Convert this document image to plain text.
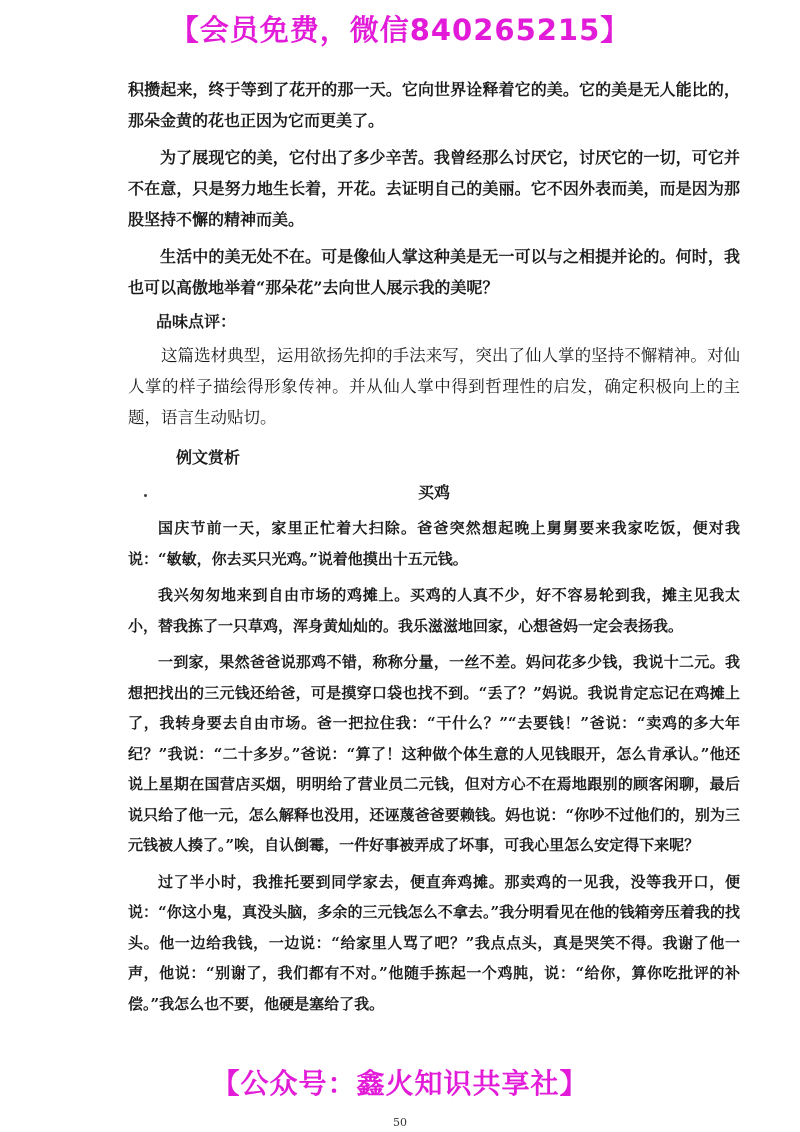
【会员免费，微信840265215】

积攒起来，终于等到了花开的那一天。它向世界诠释着它的美。它的美是无人能比的，那朵金黄的花也正因为它而更美了。

为了展现它的美，它付出了多少辛苦。我曾经那么讨厌它，讨厌它的一切，可它并不在意，只是努力地生长着，开花。去证明自己的美丽。它不因外表而美，而是因为那股坚持不懈的精神而美。

生活中的美无处不在。可是像仙人掌这种美是无一可以与之相提并论的。何时，我也可以高傲地举着“那朵花”去向世人展示我的美呢？

品味点评：

这篇选材典型，运用欲扬先抑的手法来写，突出了仙人掌的坚持不懈精神。对仙人掌的样子描绘得形象传神。并从仙人掌中得到哲理性的启发，确定积极向上的主题，语言生动贴切。

例文赏析
买鸡

国庆节前一天，家里正忙着大扫除。爸爸突然想起晚上舅舅要来我家吃饭，便对我说：“敏敏，你去买只光鸡。”说着他摸出十五元钱。

我兴匆匆地来到自由市场的鸡摊上。买鸡的人真不少，好不容易轮到我，摊主见我太小，替我拣了一只草鸡，浑身黄灿灿的。我乐滋滋地回家，心想爸妈一定会表扬我。

一到家，果然爸爸说那鸡不错，称称分量，一丝不差。妈问花多少钱，我说十二元。我想把找出的三元钱还给爸，可是摸穿口袋也找不到。“丢了？”妈说。我说肯定忘记在鸡摊上了，我转身要去自由市场。爸一把拉住我：“干什么？”“去要钱！”爸说：“卖鸡的多大年纪？”我说：“二十多岁。”爸说：“算了！这种做个体生意的人见钱眼开，怎么肯承认。”他还说上星期在国营店买烟，明明给了营业员二元钱，但对方心不在焉地跟别的顾客闲聊，最后说只给了他一元，怎么解释也没用，还诬蔑爸爸要赖钱。妈也说：“你吵不过他们的，别为三元钱被人揍了。”唉，自认倒霉，一件好事被弄成了坏事，可我心里怎么安定得下来呢？

过了半小时，我推托要到同学家去，便直奔鸡摊。那卖鸡的一见我，没等我开口，便说：“你这小鬼，真没头脑，多余的三元钱怎么不拿去。”我分明看见在他的钱箱旁压着我的找头。他一边给我钱，一边说：“给家里人骂了吧？”我点点头，真是哭笑不得。我谢了他一声，他说：“别谢了，我们都有不对。”他随手拣起一个鸡肫，说：“给你，算你吃批评的补偿。”我怎么也不要，他硬是塞给了我。

【公众号：鑫火知识共享社】
50
